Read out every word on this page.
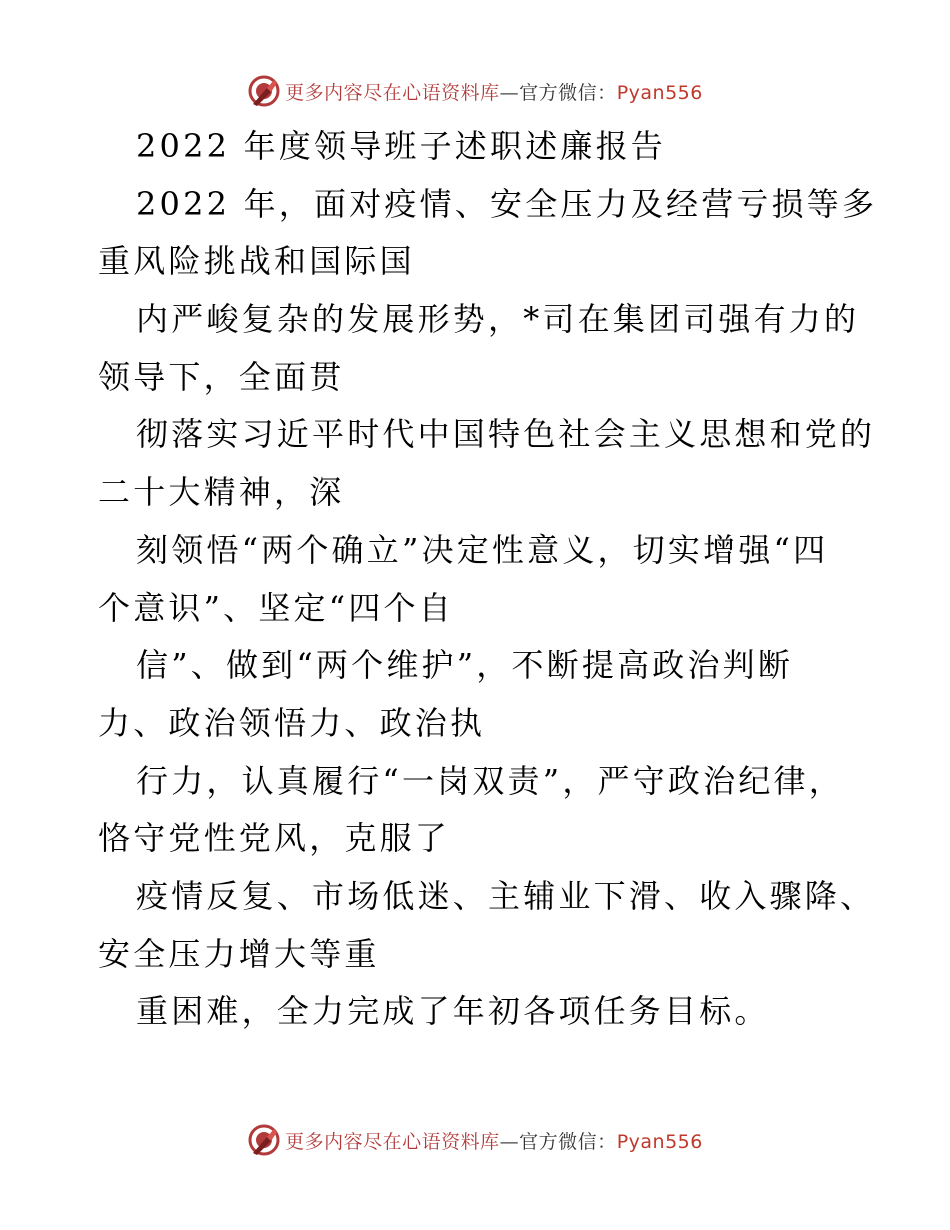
更多内容尽在心语资料库—官方微信：Pyan556
2022 年度领导班子述职述廉报告
2022 年，面对疫情、安全压力及经营亏损等多
重风险挑战和国际国
内严峻复杂的发展形势，*司在集团司强有力的
领导下，全面贯
彻落实习近平时代中国特色社会主义思想和党的
二十大精神，深
刻领悟“两个确立”决定性意义，切实增强“四
个意识”、坚定“四个自
信”、做到“两个维护”，不断提高政治判断
力、政治领悟力、政治执
行力，认真履行“一岗双责”，严守政治纪律，
恪守党性党风，克服了
疫情反复、市场低迷、主辅业下滑、收入骤降、
安全压力增大等重
重困难，全力完成了年初各项任务目标。
更多内容尽在心语资料库—官方微信：Pyan556
